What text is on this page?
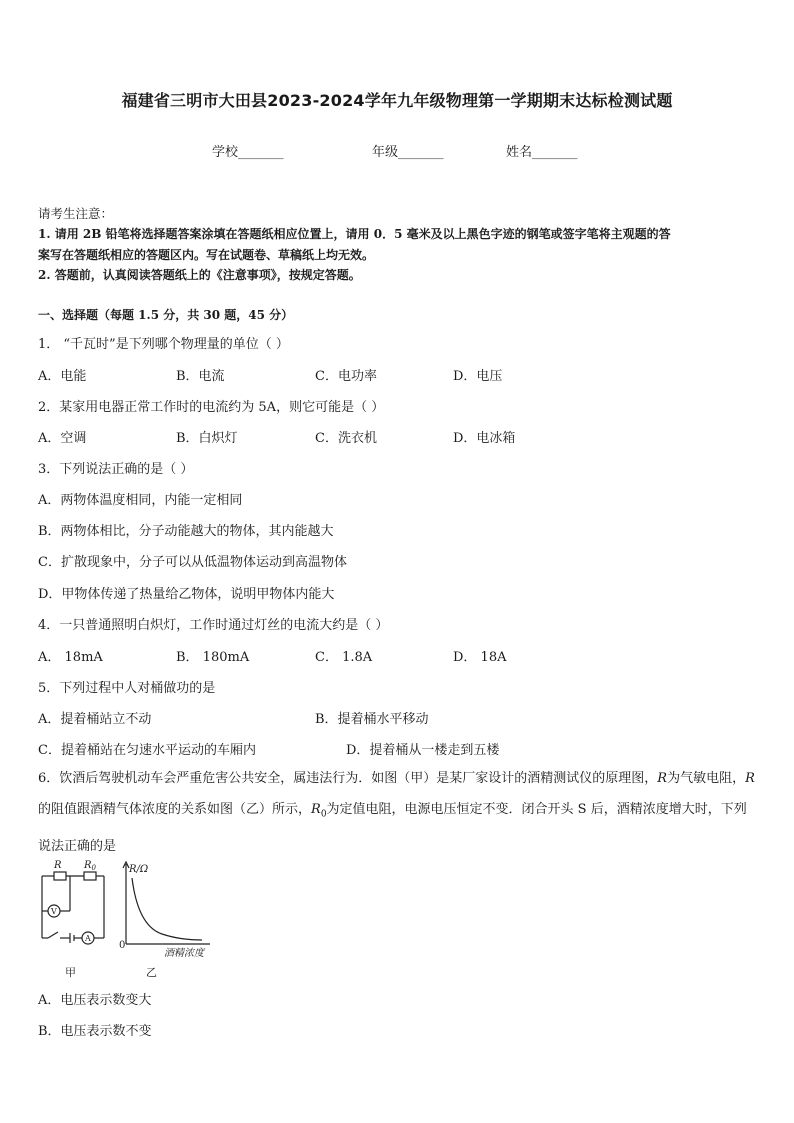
福建省三明市大田县2023-2024学年九年级物理第一学期期末达标检测试题
学校_______	年级_______	姓名_______
请考生注意：
1. 请用 2B 铅笔将选择题答案涂填在答题纸相应位置上，请用 0．5 毫米及以上黑色字迹的钢笔或签字笔将主观题的答
案写在答题纸相应的答题区内。写在试题卷、草稿纸上均无效。
2. 答题前，认真阅读答题纸上的《注意事项》，按规定答题。
一、选择题（每题 1.5 分，共 30 题，45 分）
1． “千瓦时”是下列哪个物理量的单位（ ）
A．电能	B．电流	C．电功率	D．电压
2．某家用电器正常工作时的电流约为 5A，则它可能是（ ）
A．空调	B．白炽灯	C．洗衣机	D．电冰箱
3．下列说法正确的是（ ）
A．两物体温度相同，内能一定相同
B．两物体相比，分子动能越大的物体，其内能越大
C．扩散现象中，分子可以从低温物体运动到高温物体
D．甲物体传递了热量给乙物体，说明甲物体内能大
4．一只普通照明白炽灯，工作时通过灯丝的电流大约是（ ）
A． 18mA	B． 180mA	C． 1.8A	D． 18A
5．下列过程中人对桶做功的是
A．提着桶站立不动	B．提着桶水平移动
C．提着桶站在匀速水平运动的车厢内	D．提着桶从一楼走到五楼
6．饮酒后驾驶机动车会严重危害公共安全，属违法行为．如图（甲）是某厂家设计的酒精测试仪的原理图，R为气敏电阻，R的阻值跟酒精气体浓度的关系如图（乙）所示，$R_0$为定值电阻，电源电压恒定不变．闭合开头 S 后，酒精浓度增大时，下列说法正确的是
R $R_0$
V
A
甲
R/Ω
0
酒精浓度
乙
A．电压表示数变大
B．电压表示数不变
